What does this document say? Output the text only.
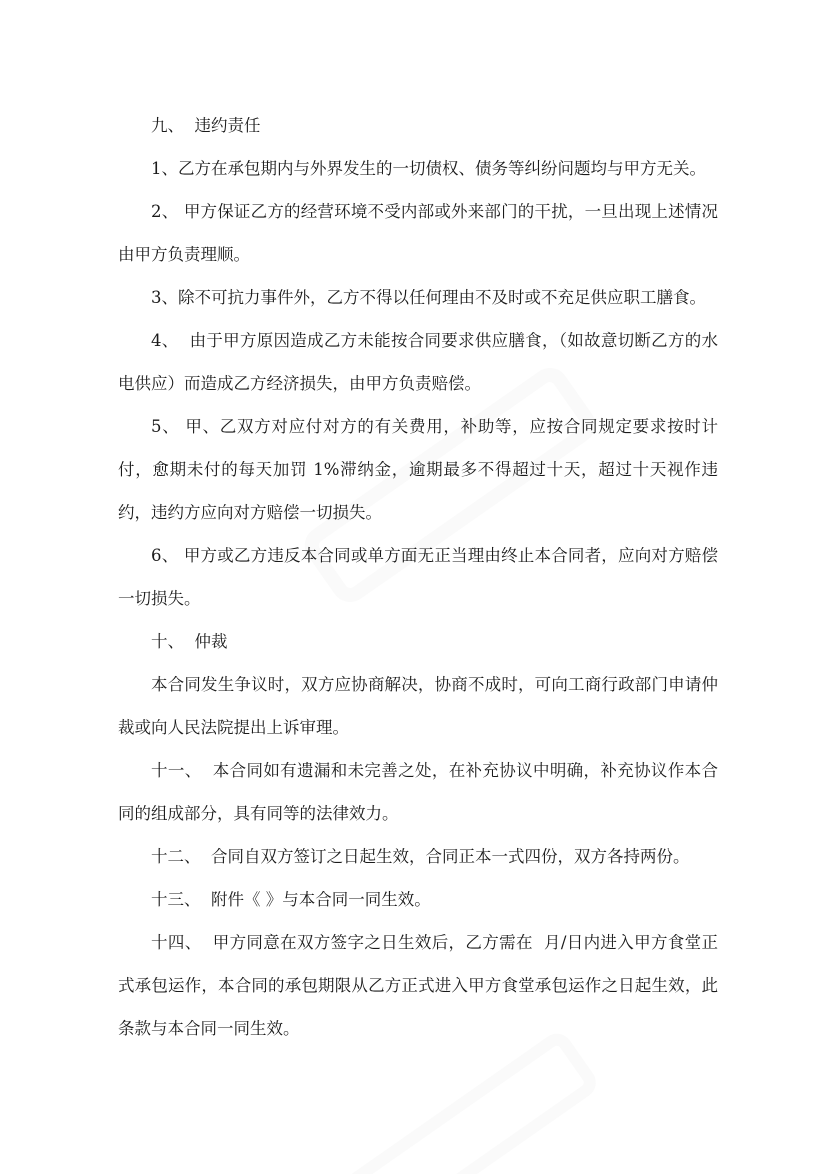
九、  违约责任

1、乙方在承包期内与外界发生的一切债权、债务等纠纷问题均与甲方无关。

2、 甲方保证乙方的经营环境不受内部或外来部门的干扰，一旦出现上述情况由甲方负责理顺。

3、除不可抗力事件外，乙方不得以任何理由不及时或不充足供应职工膳食。

4、  由于甲方原因造成乙方未能按合同要求供应膳食，（如故意切断乙方的水电供应）而造成乙方经济损失，由甲方负责赔偿。

5、 甲、乙双方对应付对方的有关费用，补助等，应按合同规定要求按时计付，愈期未付的每天加罚 1%滞纳金，逾期最多不得超过十天，超过十天视作违约，违约方应向对方赔偿一切损失。

6、 甲方或乙方违反本合同或单方面无正当理由终止本合同者，应向对方赔偿一切损失。

十、  仲裁

本合同发生争议时，双方应协商解决，协商不成时，可向工商行政部门申请仲裁或向人民法院提出上诉审理。

十一、  本合同如有遗漏和未完善之处，在补充协议中明确，补充协议作本合同的组成部分，具有同等的法律效力。

十二、  合同自双方签订之日起生效，合同正本一式四份，双方各持两份。

十三、  附件《 》与本合同一同生效。

十四、  甲方同意在双方签字之日生效后，乙方需在  月/日内进入甲方食堂正式承包运作，本合同的承包期限从乙方正式进入甲方食堂承包运作之日起生效，此条款与本合同一同生效。
